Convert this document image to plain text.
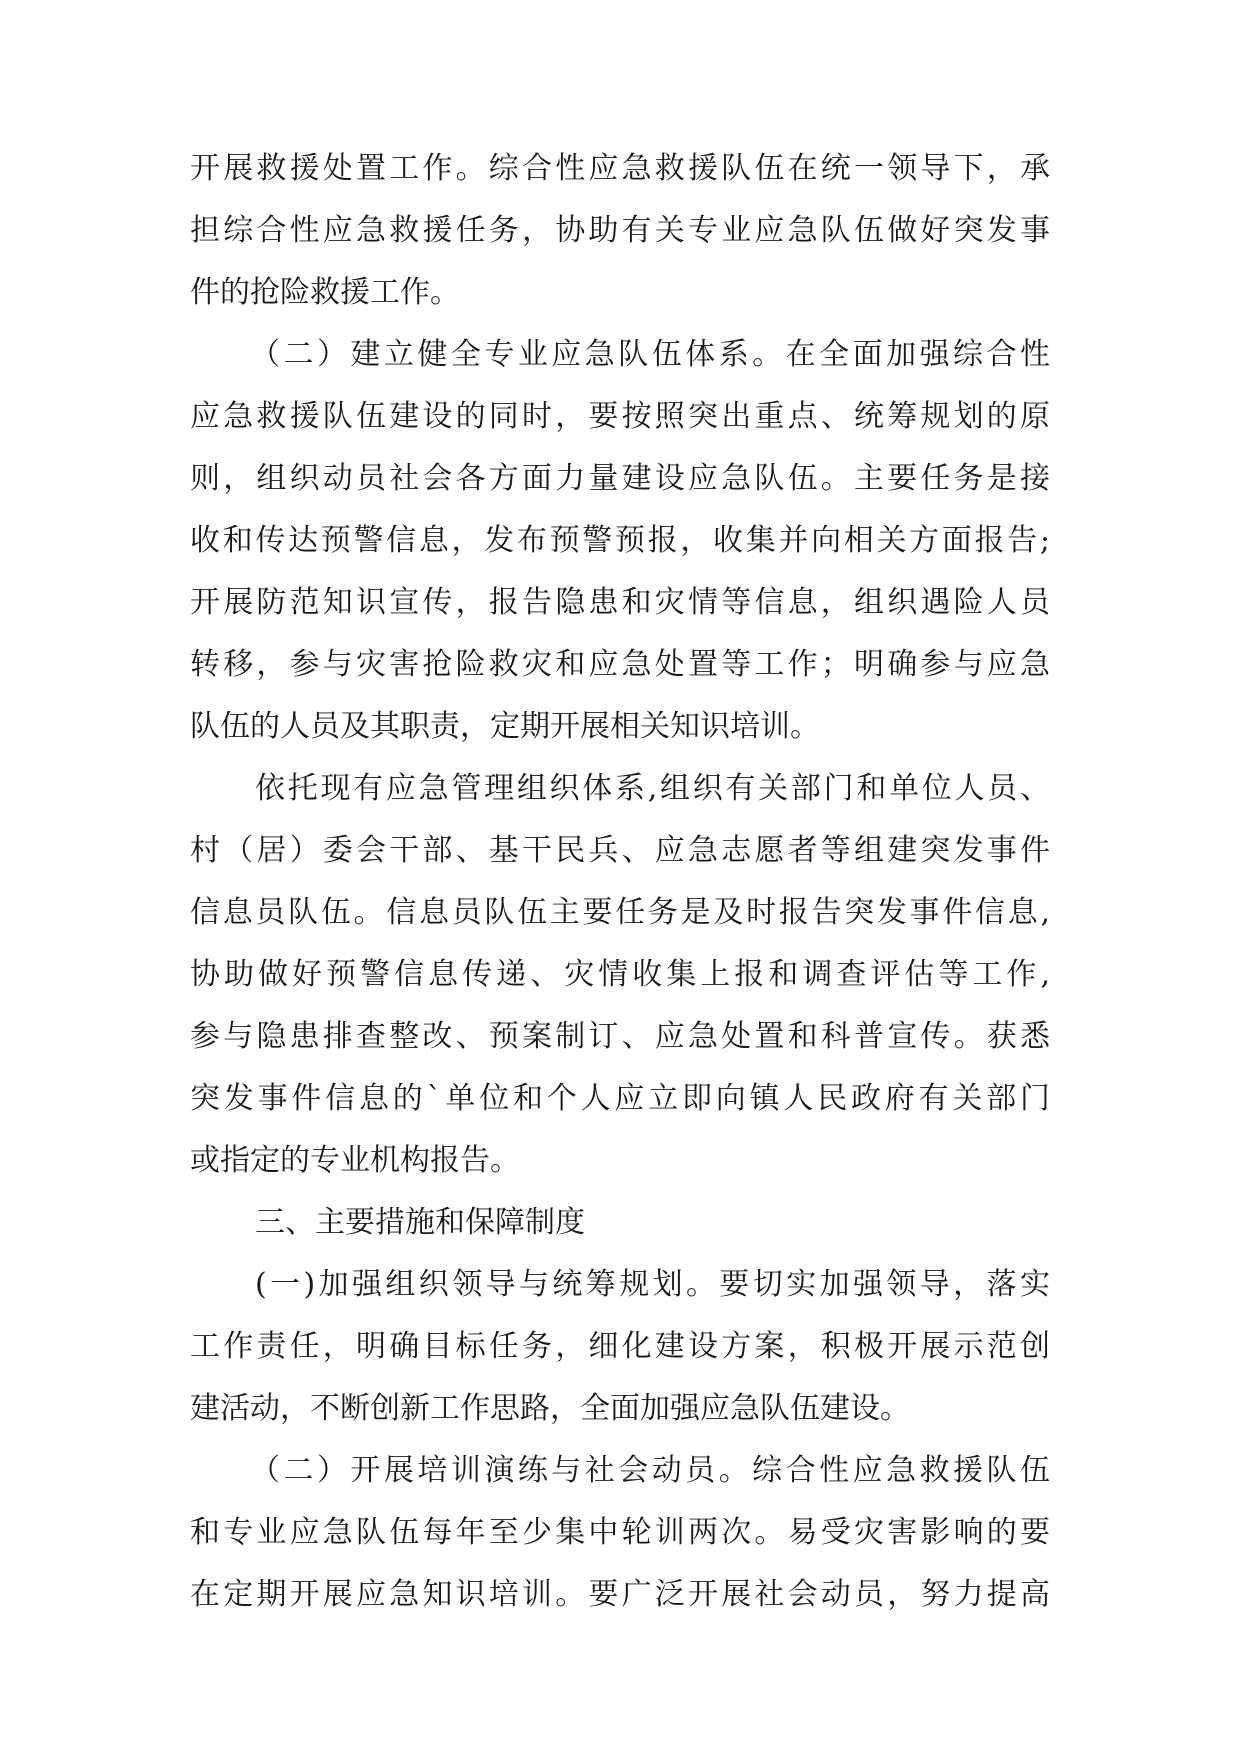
开展救援处置工作。综合性应急救援队伍在统一领导下，承
担综合性应急救援任务，协助有关专业应急队伍做好突发事
件的抢险救援工作。
（二）建立健全专业应急队伍体系。在全面加强综合性
应急救援队伍建设的同时，要按照突出重点、统筹规划的原
则，组织动员社会各方面力量建设应急队伍。主要任务是接
收和传达预警信息，发布预警预报，收集并向相关方面报告;
开展防范知识宣传，报告隐患和灾情等信息，组织遇险人员
转移，参与灾害抢险救灾和应急处置等工作；明确参与应急
队伍的人员及其职责，定期开展相关知识培训。
依托现有应急管理组织体系,组织有关部门和单位人员、
村（居）委会干部、基干民兵、应急志愿者等组建突发事件
信息员队伍。信息员队伍主要任务是及时报告突发事件信息,
协助做好预警信息传递、灾情收集上报和调查评估等工作,
参与隐患排查整改、预案制订、应急处置和科普宣传。获悉
突发事件信息的`单位和个人应立即向镇人民政府有关部门
或指定的专业机构报告。
三、主要措施和保障制度
(一)加强组织领导与统筹规划。要切实加强领导，落实
工作责任，明确目标任务，细化建设方案，积极开展示范创
建活动，不断创新工作思路，全面加强应急队伍建设。
（二）开展培训演练与社会动员。综合性应急救援队伍
和专业应急队伍每年至少集中轮训两次。易受灾害影响的要
在定期开展应急知识培训。要广泛开展社会动员，努力提高
